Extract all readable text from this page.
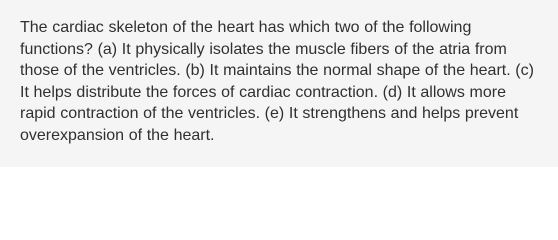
The cardiac skeleton of the heart has which two of the following functions? (a) It physically isolates the muscle fibers of the atria from those of the ventricles. (b) It maintains the normal shape of the heart. (c) It helps distribute the forces of cardiac contraction. (d) It allows more rapid contraction of the ventricles. (e) It strengthens and helps prevent overexpansion of the heart.
